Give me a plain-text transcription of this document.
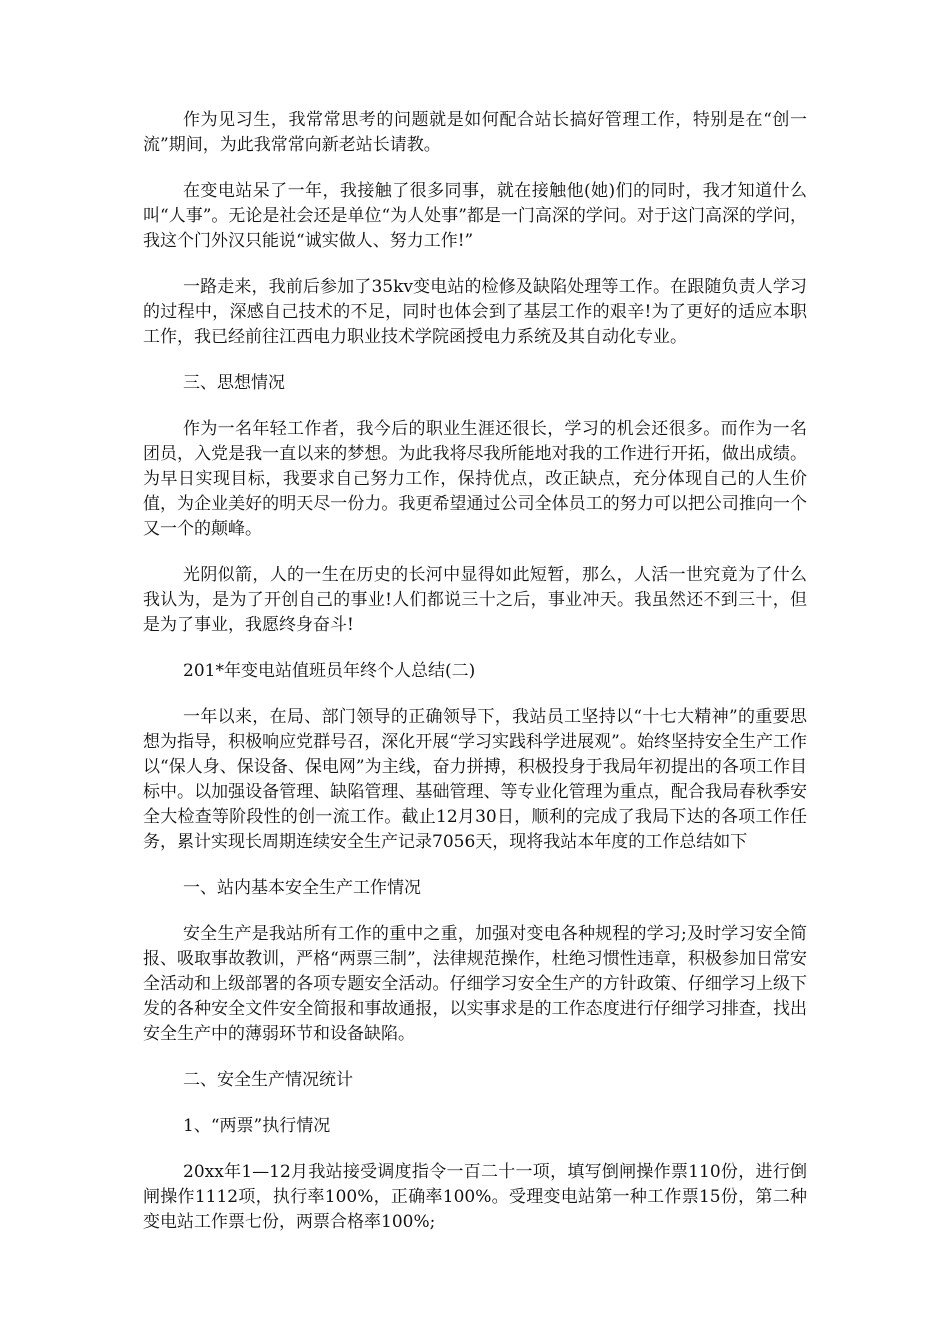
作为见习生，我常常思考的问题就是如何配合站长搞好管理工作，特别是在“创一流”期间，为此我常常向新老站长请教。

在变电站呆了一年，我接触了很多同事，就在接触他(她)们的同时，我才知道什么叫“人事”。无论是社会还是单位“为人处事”都是一门高深的学问。对于这门高深的学问，我这个门外汉只能说“诚实做人、努力工作!”

一路走来，我前后参加了35kv变电站的检修及缺陷处理等工作。在跟随负责人学习的过程中，深感自己技术的不足，同时也体会到了基层工作的艰辛!为了更好的适应本职工作，我已经前往江西电力职业技术学院函授电力系统及其自动化专业。

三、思想情况

作为一名年轻工作者，我今后的职业生涯还很长，学习的机会还很多。而作为一名团员，入党是我一直以来的梦想。为此我将尽我所能地对我的工作进行开拓，做出成绩。为早日实现目标，我要求自己努力工作，保持优点，改正缺点，充分体现自己的人生价值，为企业美好的明天尽一份力。我更希望通过公司全体员工的努力可以把公司推向一个又一个的颠峰。

光阴似箭，人的一生在历史的长河中显得如此短暂，那么，人活一世究竟为了什么我认为，是为了开创自己的事业!人们都说三十之后，事业冲天。我虽然还不到三十，但是为了事业，我愿终身奋斗!

201*年变电站值班员年终个人总结(二)

一年以来，在局、部门领导的正确领导下，我站员工坚持以“十七大精神”的重要思想为指导，积极响应党群号召，深化开展“学习实践科学进展观”。始终坚持安全生产工作以“保人身、保设备、保电网”为主线，奋力拼搏，积极投身于我局年初提出的各项工作目标中。以加强设备管理、缺陷管理、基础管理、等专业化管理为重点，配合我局春秋季安全大检查等阶段性的创一流工作。截止12月30日，顺利的完成了我局下达的各项工作任务，累计实现长周期连续安全生产记录7056天，现将我站本年度的工作总结如下

一、站内基本安全生产工作情况

安全生产是我站所有工作的重中之重，加强对变电各种规程的学习;及时学习安全简报、吸取事故教训，严格“两票三制”，法律规范操作，杜绝习惯性违章，积极参加日常安全活动和上级部署的各项专题安全活动。仔细学习安全生产的方针政策、仔细学习上级下发的各种安全文件安全简报和事故通报，以实事求是的工作态度进行仔细学习排查，找出安全生产中的薄弱环节和设备缺陷。

二、安全生产情况统计

1、“两票”执行情况

20xx年1—12月我站接受调度指令一百二十一项，填写倒闸操作票110份，进行倒闸操作1112项，执行率100%，正确率100%。受理变电站第一种工作票15份，第二种变电站工作票七份，两票合格率100%;
